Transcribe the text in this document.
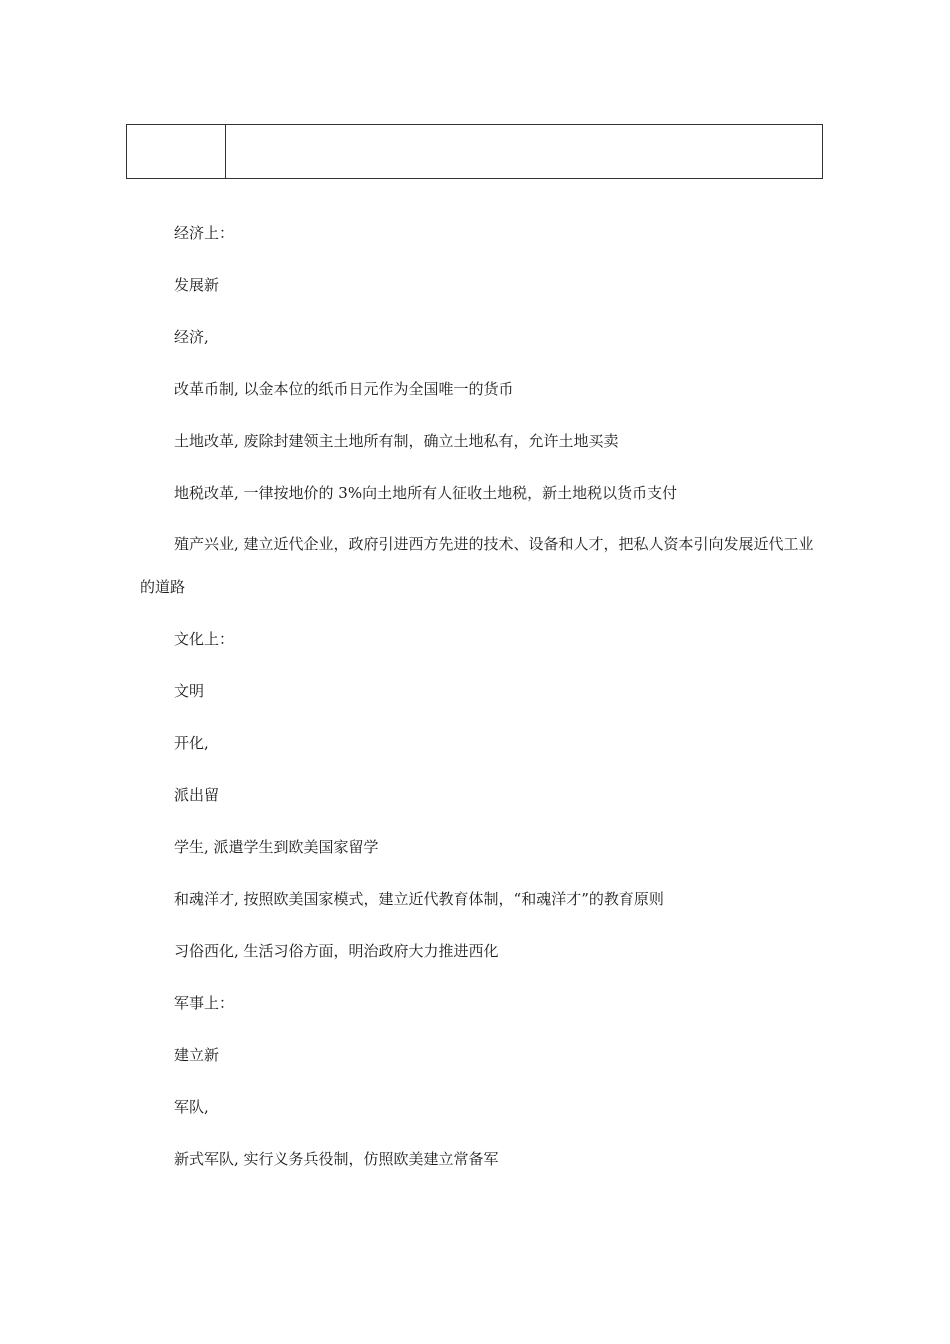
经济上：

发展新

经济,

改革币制, 以金本位的纸币日元作为全国唯一的货币

土地改革, 废除封建领主土地所有制，确立土地私有，允许土地买卖

地税改革, 一律按地价的 3%向土地所有人征收土地税，新土地税以货币支付

殖产兴业, 建立近代企业，政府引进西方先进的技术、设备和人才，把私人资本引向发展近代工业的道路

文化上：

文明

开化,

派出留

学生, 派遣学生到欧美国家留学

和魂洋才, 按照欧美国家模式，建立近代教育体制，“和魂洋才”的教育原则

习俗西化, 生活习俗方面，明治政府大力推进西化

军事上：

建立新

军队,

新式军队, 实行义务兵役制，仿照欧美建立常备军
